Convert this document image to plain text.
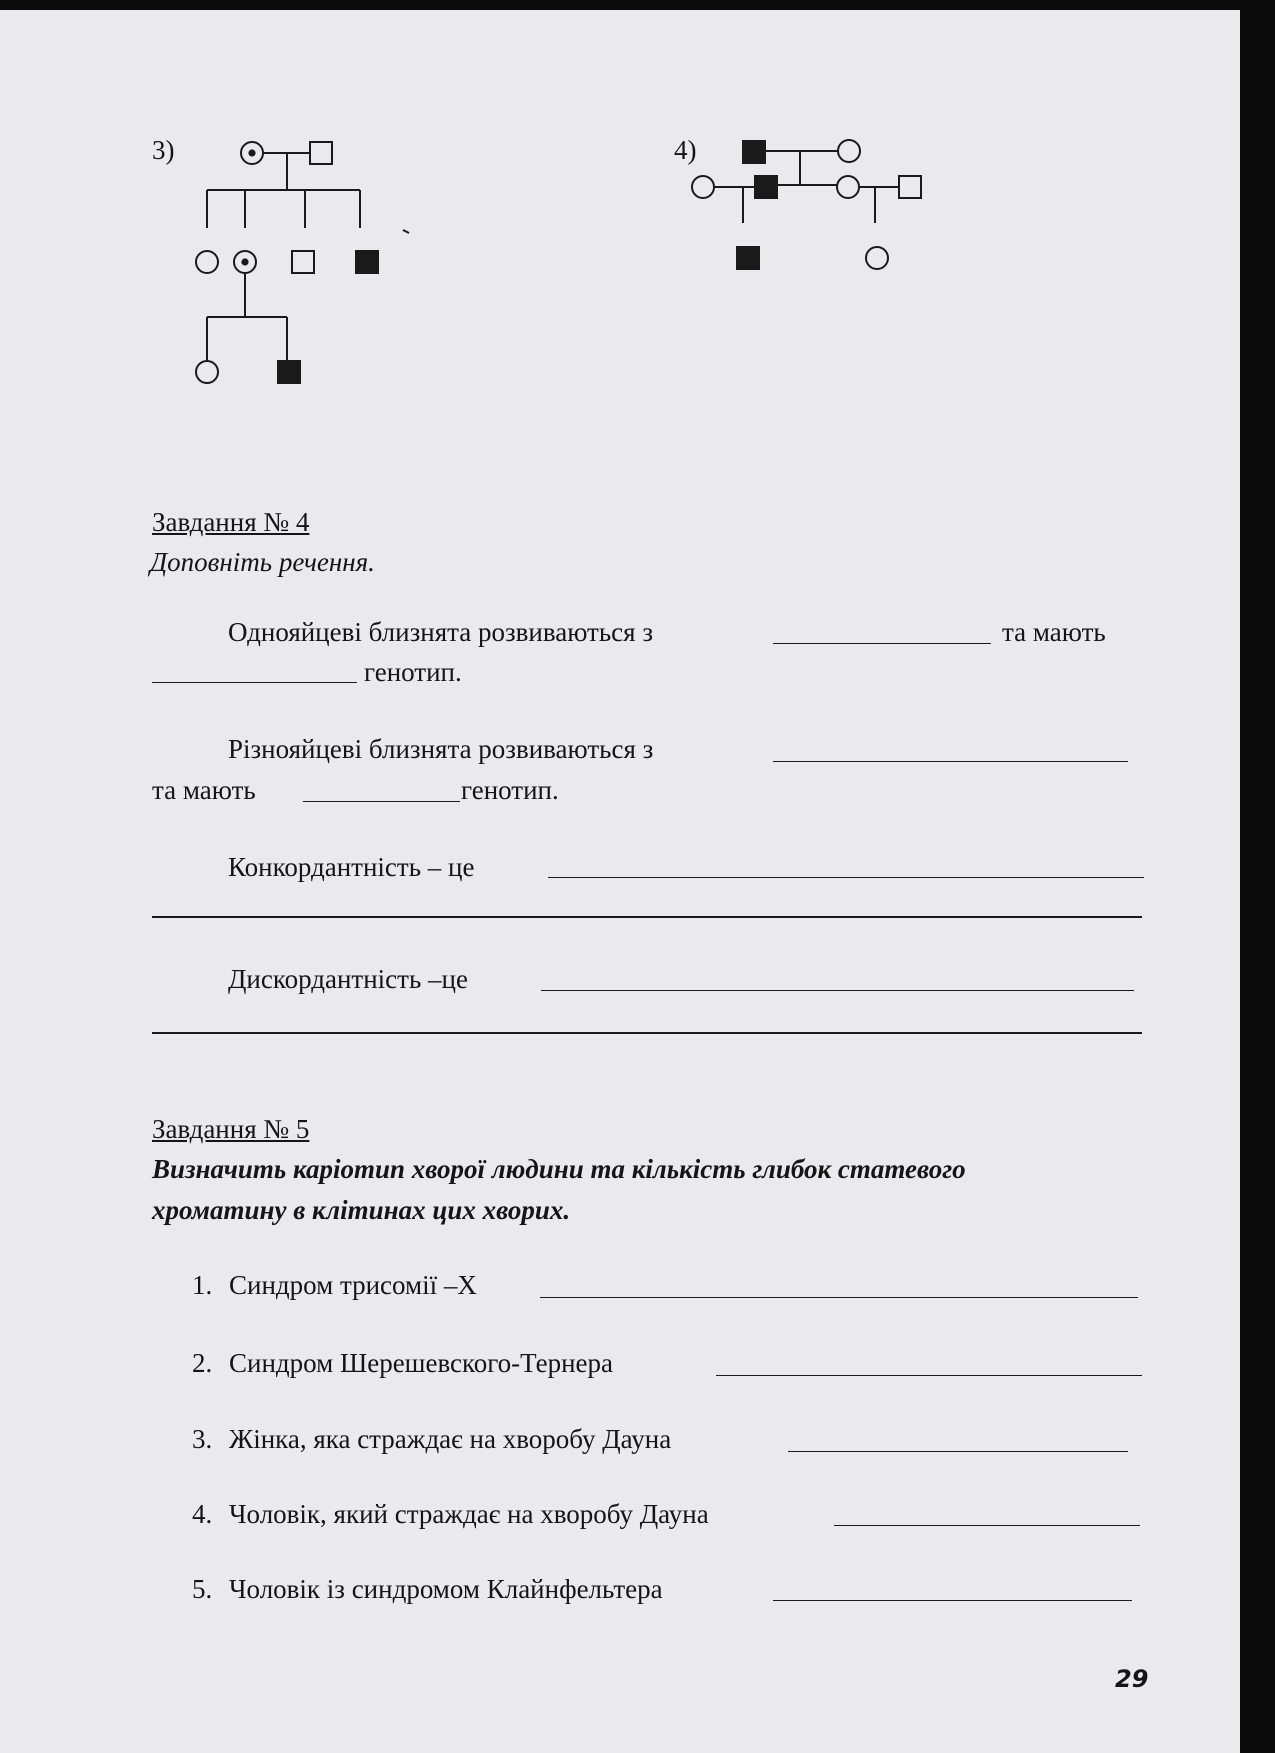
3)	4)
Завдання № 4
Доповніть речення.
Однояйцеві близнята розвиваються з	та мають
генотип.
Різнояйцеві близнята розвиваються з
та мають	генотип.
Конкордантність – це
Дискордантність –це
Завдання № 5
Визначить каріотип хворої людини та кількість глибок статевого
хроматину в клітинах цих хворих.
1. Синдром трисомії –Х
2. Синдром Шерешевского-Тернера
3. Жінка, яка страждає на хворобу Дауна
4. Чоловік, який страждає на хворобу Дауна
5. Чоловік із синдромом Клайнфельтера
29
